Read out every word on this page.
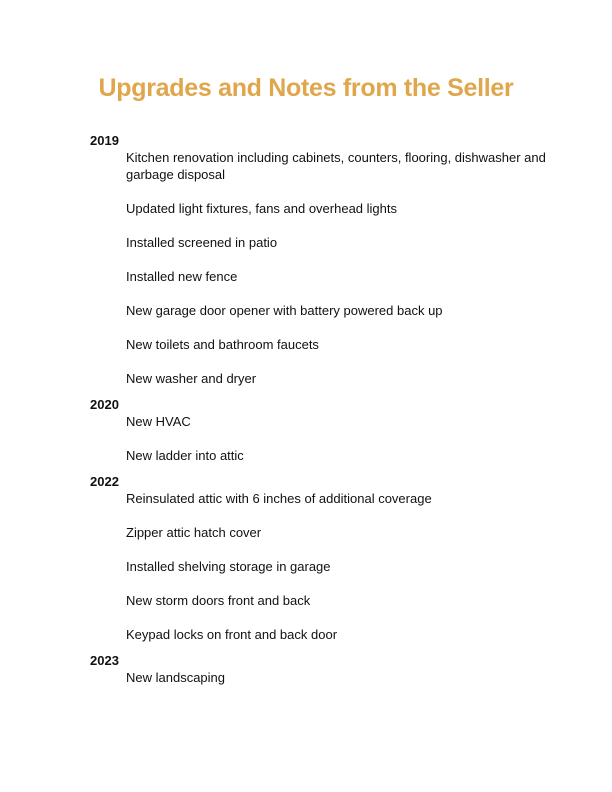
Upgrades and Notes from the Seller
2019
Kitchen renovation including cabinets, counters, flooring, dishwasher and garbage disposal
Updated light fixtures, fans and overhead lights
Installed screened in patio
Installed new fence
New garage door opener with battery powered back up
New toilets and bathroom faucets
New washer and dryer
2020
New HVAC
New ladder into attic
2022
Reinsulated attic with 6 inches of additional coverage
Zipper attic hatch cover
Installed shelving storage in garage
New storm doors front and back
Keypad locks on front and back door
2023
New landscaping
